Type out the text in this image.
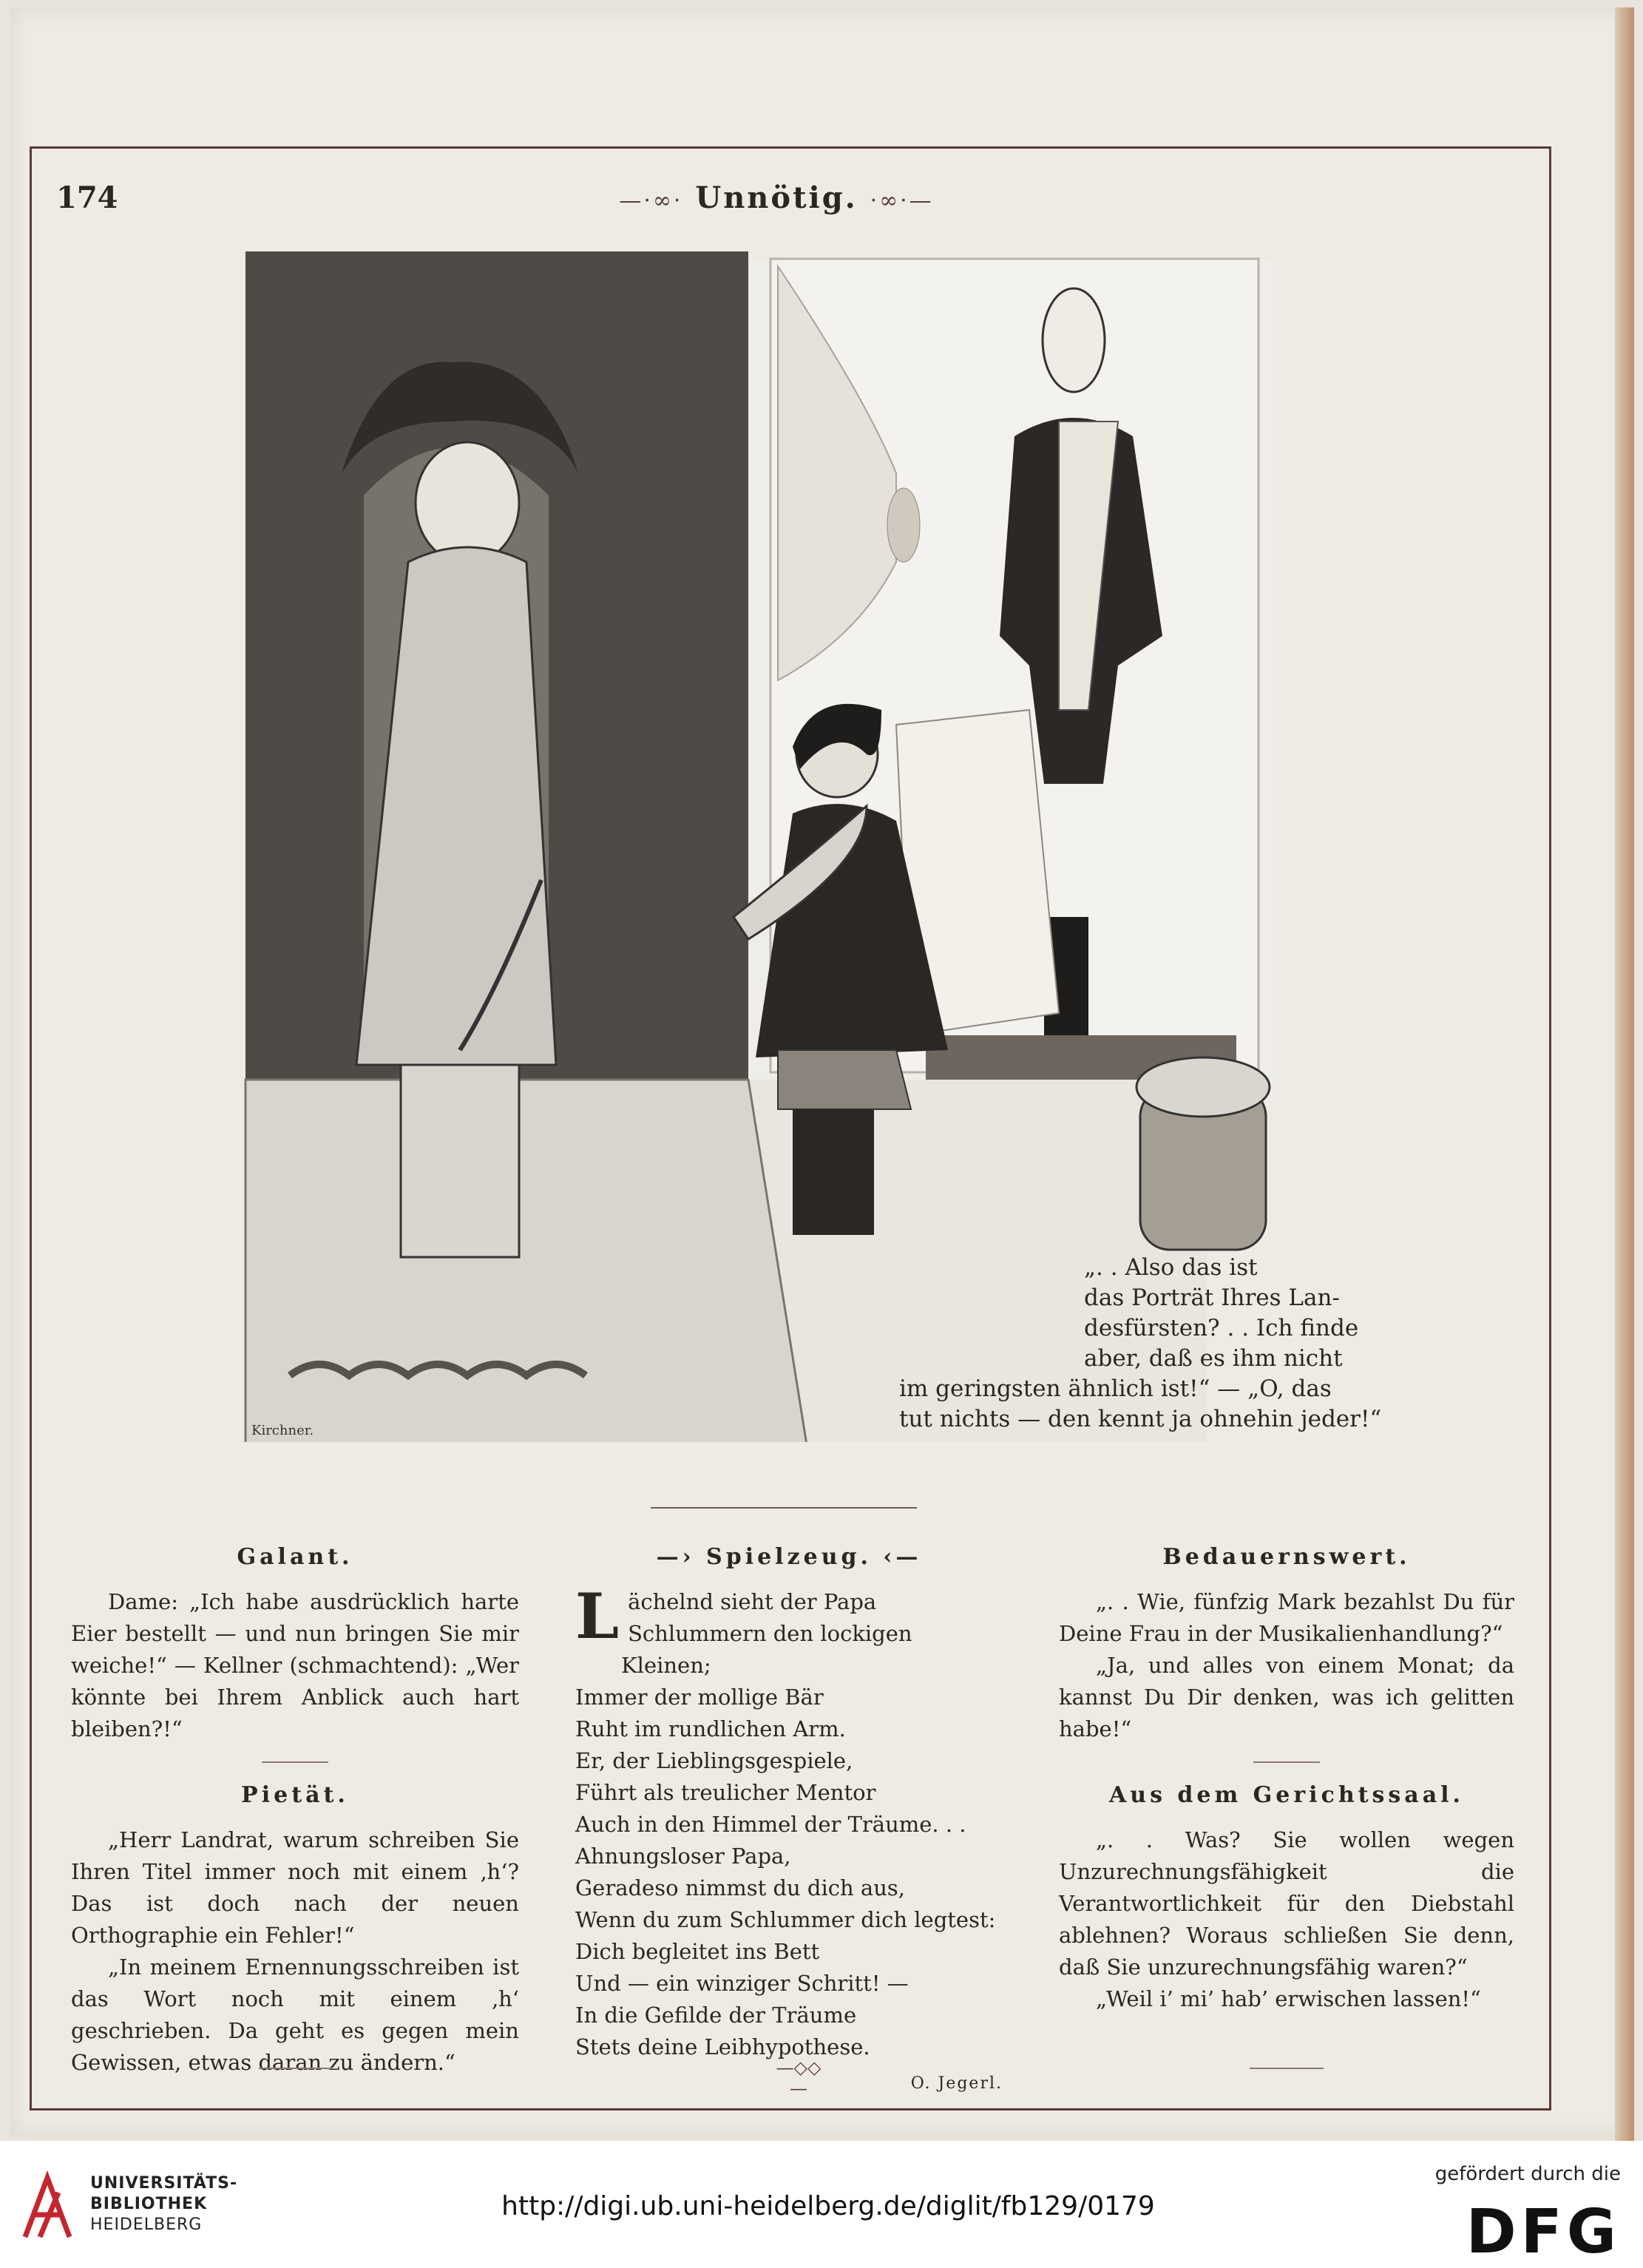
174	—·∞· Unnötig. ·∞·—
Kirchner.

„. . Also das ist

das Porträt Ihres Lan-

desfürsten? . . Ich finde

aber, daß es ihm nicht

im geringsten ähnlich ist!“ — „O, das

tut nichts — den kennt ja ohnehin jeder!“

Galant.

Dame: „Ich habe ausdrücklich harte Eier bestellt — und nun bringen Sie mir weiche!“ — Kellner (schmachtend): „Wer könnte bei Ihrem Anblick auch hart bleiben?!“

Pietät.

„Herr Landrat, warum schreiben Sie Ihren Titel immer noch mit einem ‚h‘? Das ist doch nach der neuen Orthographie ein Fehler!“

„In meinem Ernennungsschreiben ist das Wort noch mit einem ‚h‘ geschrieben. Da geht es gegen mein Gewissen, etwas daran zu ändern.“

—› Spielzeug. ‹—

Lächelnd sieht der Papa

Schlummern den lockigen Kleinen;

Immer der mollige Bär

Ruht im rundlichen Arm.

Er, der Lieblingsgespiele,

Führt als treulicher Mentor

Auch in den Himmel der Träume. . .

Ahnungsloser Papa,

Geradeso nimmst du dich aus,

Wenn du zum Schlummer dich legtest:

Dich begleitet ins Bett

Und — ein winziger Schritt! —

In die Gefilde der Träume

Stets deine Leibhypothese.

O. Jegerl.

Bedauernswert.

„. . Wie, fünfzig Mark bezahlst Du für Deine Frau in der Musikalienhandlung?“

„Ja, und alles von einem Monat; da kannst Du Dir denken, was ich gelitten habe!“

Aus dem Gerichtssaal.

„. . Was? Sie wollen wegen Unzurechnungsfähigkeit die Verantwortlichkeit für den Diebstahl ablehnen? Woraus schließen Sie denn, daß Sie unzurechnungsfähig waren?“

„Weil i’ mi’ hab’ erwischen lassen!“

—◇◇—
UNIVERSITÄTS-
BIBLIOTHEK
HEIDELBERG
http://digi.ub.uni-heidelberg.de/diglit/fb129/0179
gefördert durch die
DFG
